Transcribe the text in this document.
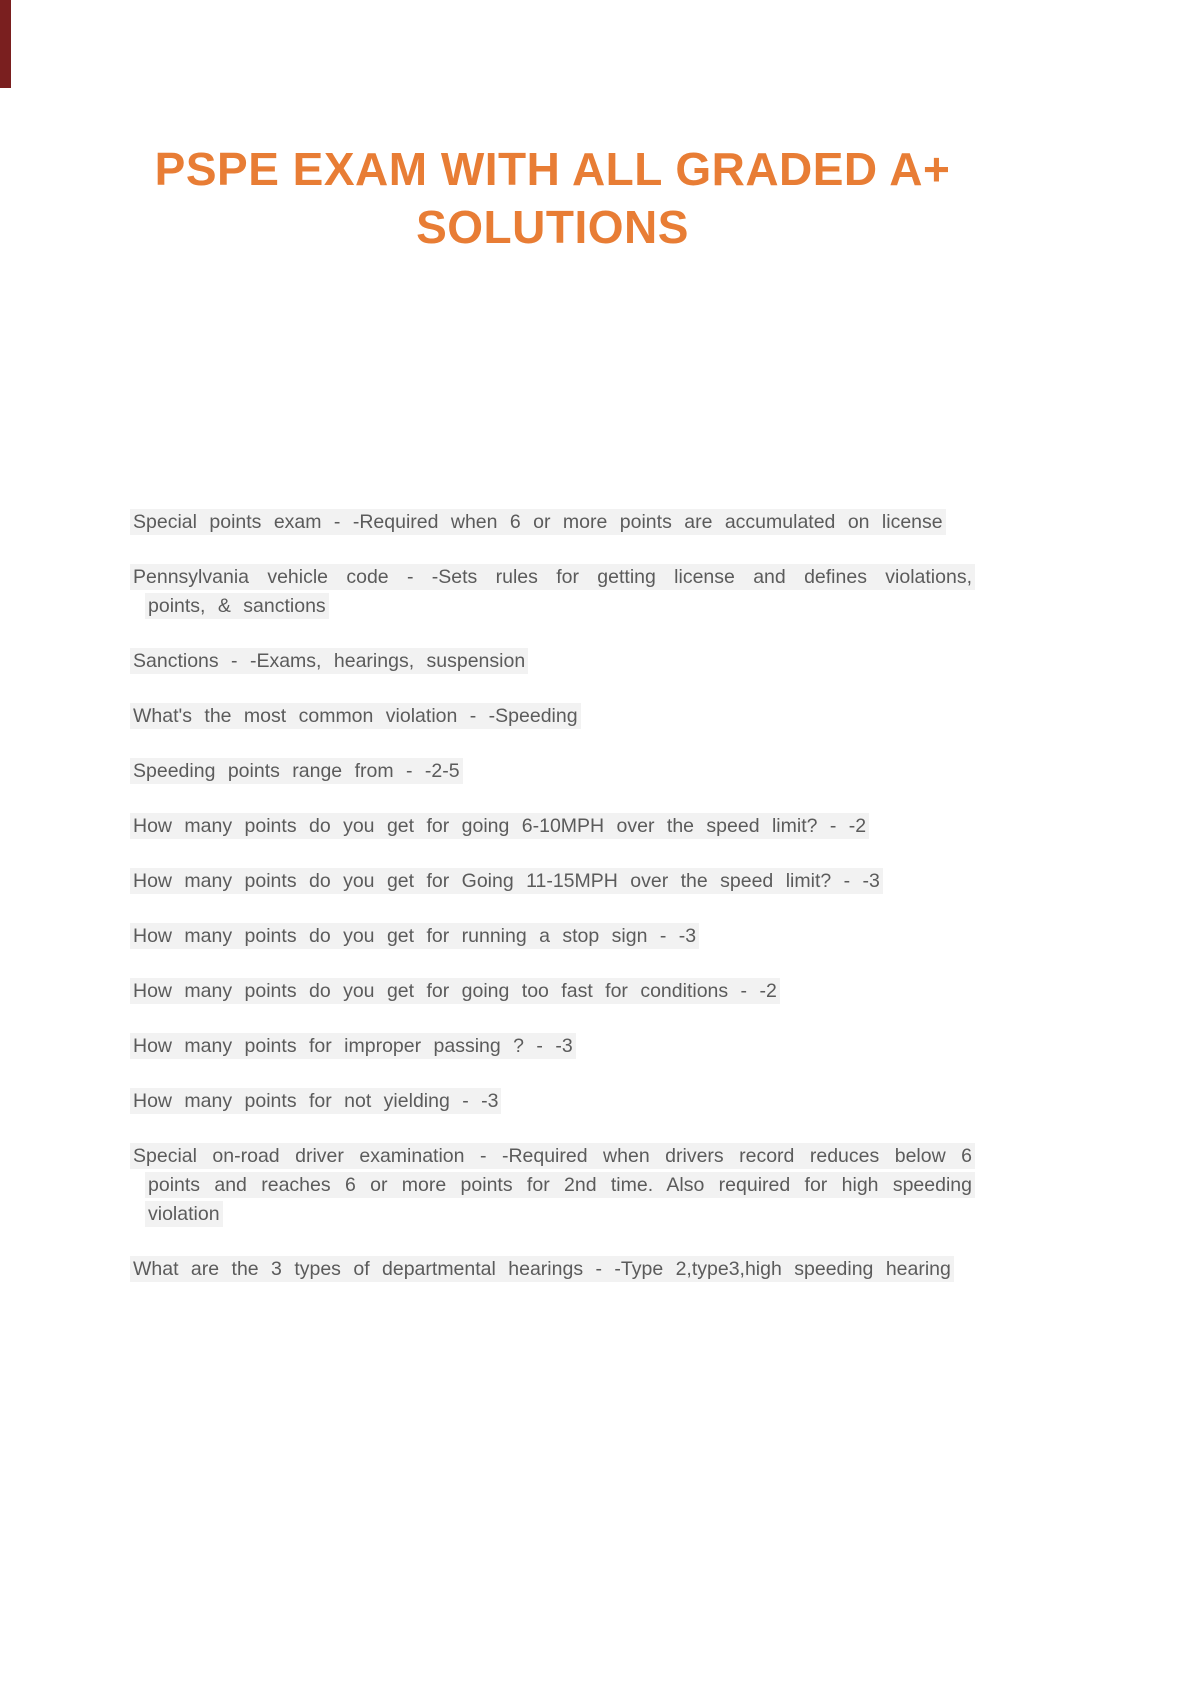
PSPE EXAM WITH ALL GRADED A+
SOLUTIONS

Special points exam - -Required when 6 or more points are accumulated on license

Pennsylvania vehicle code - -Sets rules for getting license and defines violations, points, & sanctions

Sanctions - -Exams, hearings, suspension

What's the most common violation - -Speeding

Speeding points range from - -2-5

How many points do you get for going 6-10MPH over the speed limit? - -2

How many points do you get for Going 11-15MPH over the speed limit? - -3

How many points do you get for running a stop sign - -3

How many points do you get for going too fast for conditions - -2

How many points for improper passing ? - -3

How many points for not yielding - -3

Special on-road driver examination - -Required when drivers record reduces below 6 points and reaches 6 or more points for 2nd time. Also required for high speeding violation

What are the 3 types of departmental hearings - -Type 2,type3,high speeding hearing
